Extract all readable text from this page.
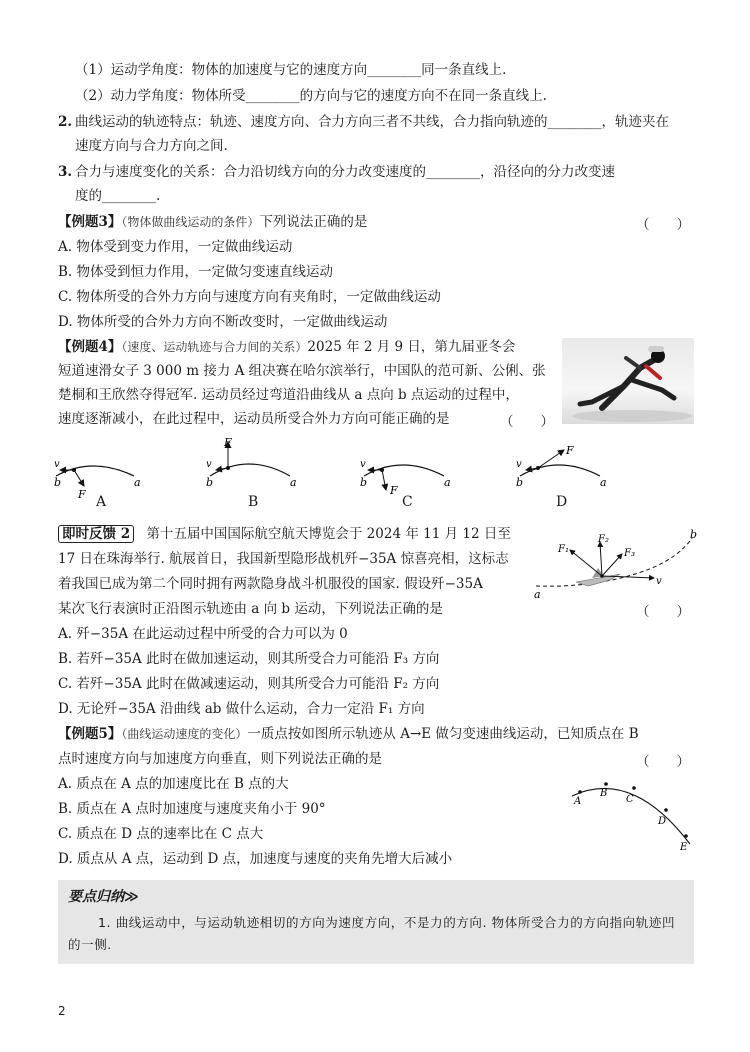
（1）运动学角度：物体的加速度与它的速度方向________同一条直线上.
（2）动力学角度：物体所受________的方向与它的速度方向不在同一条直线上.
2. 曲线运动的轨迹特点：轨迹、速度方向、合力方向三者不共线，合力指向轨迹的________，轨迹夹在
速度方向与合力方向之间.
3. 合力与速度变化的关系：合力沿切线方向的分力改变速度的________，沿径向的分力改变速
度的________.
【例题3】（物体做曲线运动的条件）下列说法正确的是	（　　）
A. 物体受到变力作用，一定做曲线运动
B. 物体受到恒力作用，一定做匀变速直线运动
C. 物体所受的合外力方向与速度方向有夹角时，一定做曲线运动
D. 物体所受的合外力方向不断改变时，一定做曲线运动
【例题4】（速度、运动轨迹与合力间的关系）2025 年 2 月 9 日，第九届亚冬会
短道速滑女子 3 000 m 接力 A 组决赛在哈尔滨举行，中国队的范可新、公俐、张
楚桐和王欣然夺得冠军. 运动员经过弯道沿曲线从 a 点向 b 点运动的过程中，
速度逐渐减小，在此过程中，运动员所受合外力方向可能正确的是	（　　）
v
b
F
a
v
b
F
a
v
b
F
a
v
b
F
a
A	B	C	D
即时反馈 2 第十五届中国国际航空航天博览会于 2024 年 11 月 12 日至
17 日在珠海举行. 航展首日，我国新型隐形战机歼−35A 惊喜亮相，这标志
着我国已成为第二个同时拥有两款隐身战斗机服役的国家. 假设歼−35A
某次飞行表演时正沿图示轨迹由 a 向 b 运动，下列说法正确的是	（　　）
F₁
F₂
F₃
a
b
v
A. 歼−35A 在此运动过程中所受的合力可以为 0
B. 若歼−35A 此时在做加速运动，则其所受合力可能沿 F₃ 方向
C. 若歼−35A 此时在做减速运动，则其所受合力可能沿 F₂ 方向
D. 无论歼−35A 沿曲线 ab 做什么运动，合力一定沿 F₁ 方向
【例题5】（曲线运动速度的变化）一质点按如图所示轨迹从 A→E 做匀变速曲线运动，已知质点在 B
点时速度方向与加速度方向垂直，则下列说法正确的是	（　　）
A. 质点在 A 点的加速度比在 B 点的大
B. 质点在 A 点时加速度与速度夹角小于 90°
C. 质点在 D 点的速率比在 C 点大
D. 质点从 A 点，运动到 D 点，加速度与速度的夹角先增大后减小
A
B
C
D
E
要点归纳≫
1. 曲线运动中，与运动轨迹相切的方向为速度方向，不是力的方向. 物体所受合力的方向指向轨迹凹的一侧.
2
